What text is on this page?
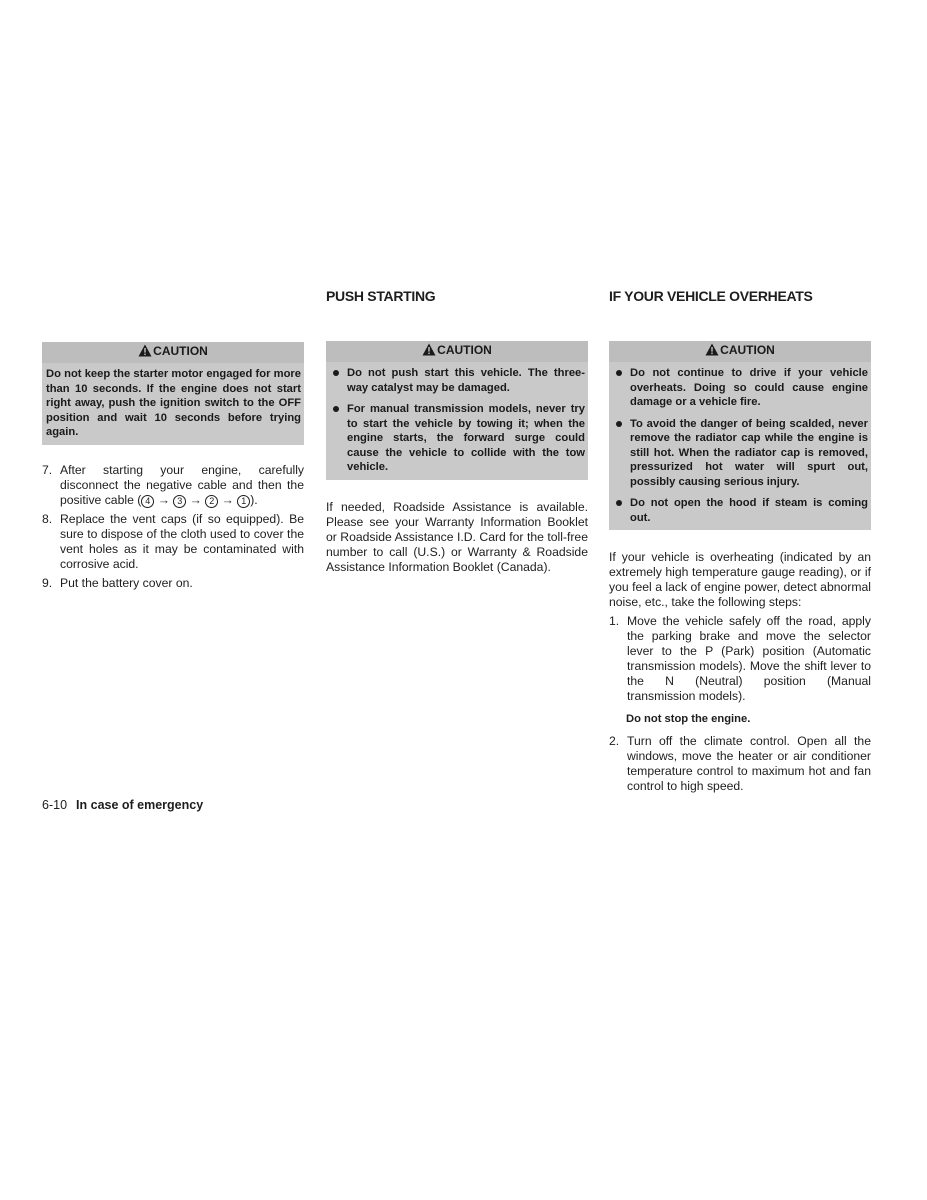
CAUTION
Do not keep the starter motor engaged for more than 10 seconds. If the engine does not start right away, push the ignition switch to the OFF position and wait 10 seconds before trying again.
7. After starting your engine, carefully disconnect the negative cable and then the positive cable ( 4 → 3 → 2 → 1 ).
8. Replace the vent caps (if so equipped). Be sure to dispose of the cloth used to cover the vent holes as it may be contaminated with corrosive acid.
9. Put the battery cover on.
PUSH STARTING
CAUTION
Do not push start this vehicle. The three-way catalyst may be damaged.
For manual transmission models, never try to start the vehicle by towing it; when the engine starts, the forward surge could cause the vehicle to collide with the tow vehicle.

If needed, Roadside Assistance is available. Please see your Warranty Information Booklet or Roadside Assistance I.D. Card for the toll-free number to call (U.S.) or Warranty & Roadside Assistance Information Booklet (Canada).

IF YOUR VEHICLE OVERHEATS
CAUTION
Do not continue to drive if your vehicle overheats. Doing so could cause engine damage or a vehicle fire.
To avoid the danger of being scalded, never remove the radiator cap while the engine is still hot. When the radiator cap is removed, pressurized hot water will spurt out, possibly causing serious injury.
Do not open the hood if steam is coming out.

If your vehicle is overheating (indicated by an extremely high temperature gauge reading), or if you feel a lack of engine power, detect abnormal noise, etc., take the following steps:

1. Move the vehicle safely off the road, apply the parking brake and move the selector lever to the P (Park) position (Automatic transmission models). Move the shift lever to the N (Neutral) position (Manual transmission models).
Do not stop the engine.
2. Turn off the climate control. Open all the windows, move the heater or air conditioner temperature control to maximum hot and fan control to high speed.
6-10 In case of emergency
